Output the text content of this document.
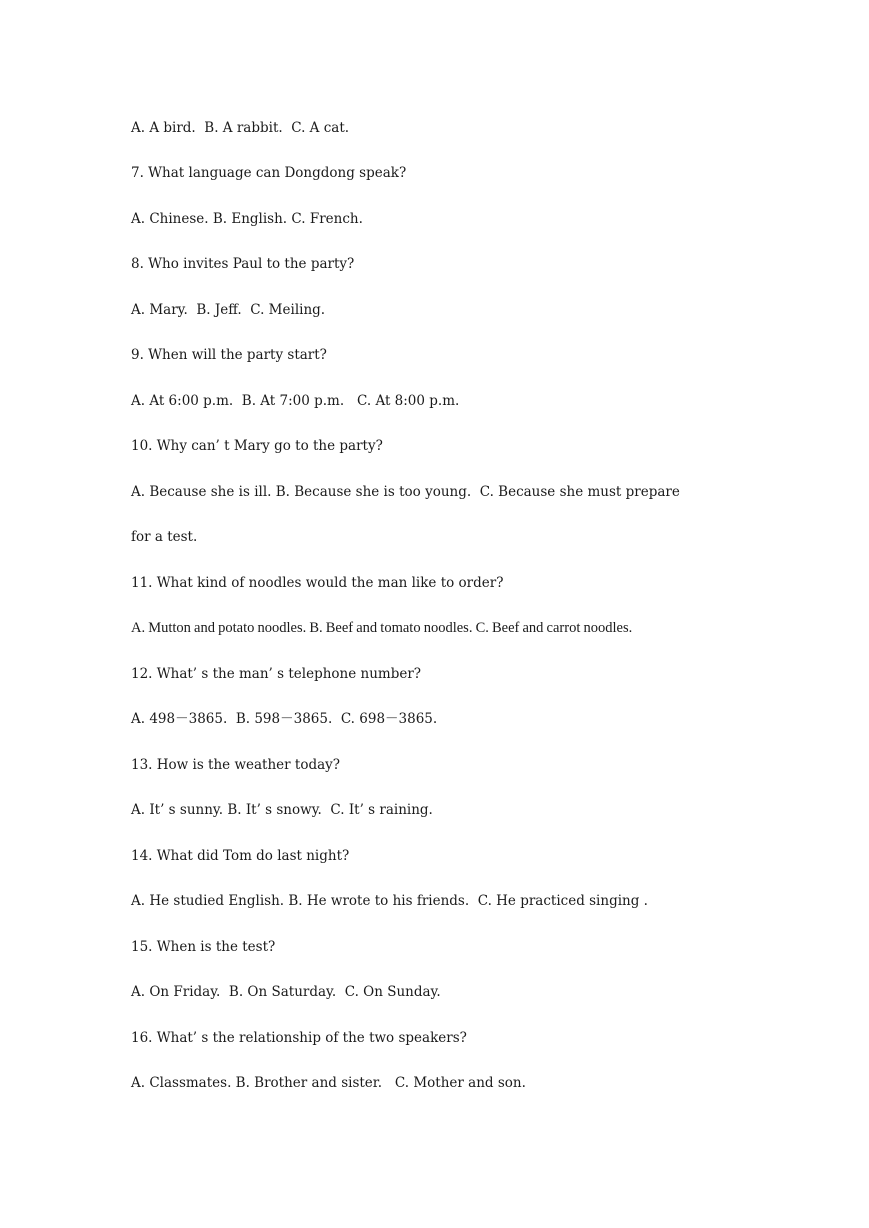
A. A bird.  B. A rabbit.  C. A cat.
7. What language can Dongdong speak?
A. Chinese. B. English. C. French.
8. Who invites Paul to the party?
A. Mary.  B. Jeff.  C. Meiling.
9. When will the party start?
A. At 6:00 p.m.  B. At 7:00 p.m.   C. At 8:00 p.m.
10. Why can’ t Mary go to the party?
A. Because she is ill. B. Because she is too young.  C. Because she must prepare
for a test.
11. What kind of noodles would the man like to order?
A. Mutton and potato noodles. B. Beef and tomato noodles. C. Beef and carrot noodles.
12. What’ s the man’ s telephone number?
A. 498－3865.  B. 598－3865.  C. 698－3865.
13. How is the weather today?
A. It’ s sunny. B. It’ s snowy.  C. It’ s raining.
14. What did Tom do last night?
A. He studied English. B. He wrote to his friends.  C. He practiced singing .
15. When is the test?
A. On Friday.  B. On Saturday.  C. On Sunday.
16. What’ s the relationship of the two speakers?
A. Classmates. B. Brother and sister.   C. Mother and son.
